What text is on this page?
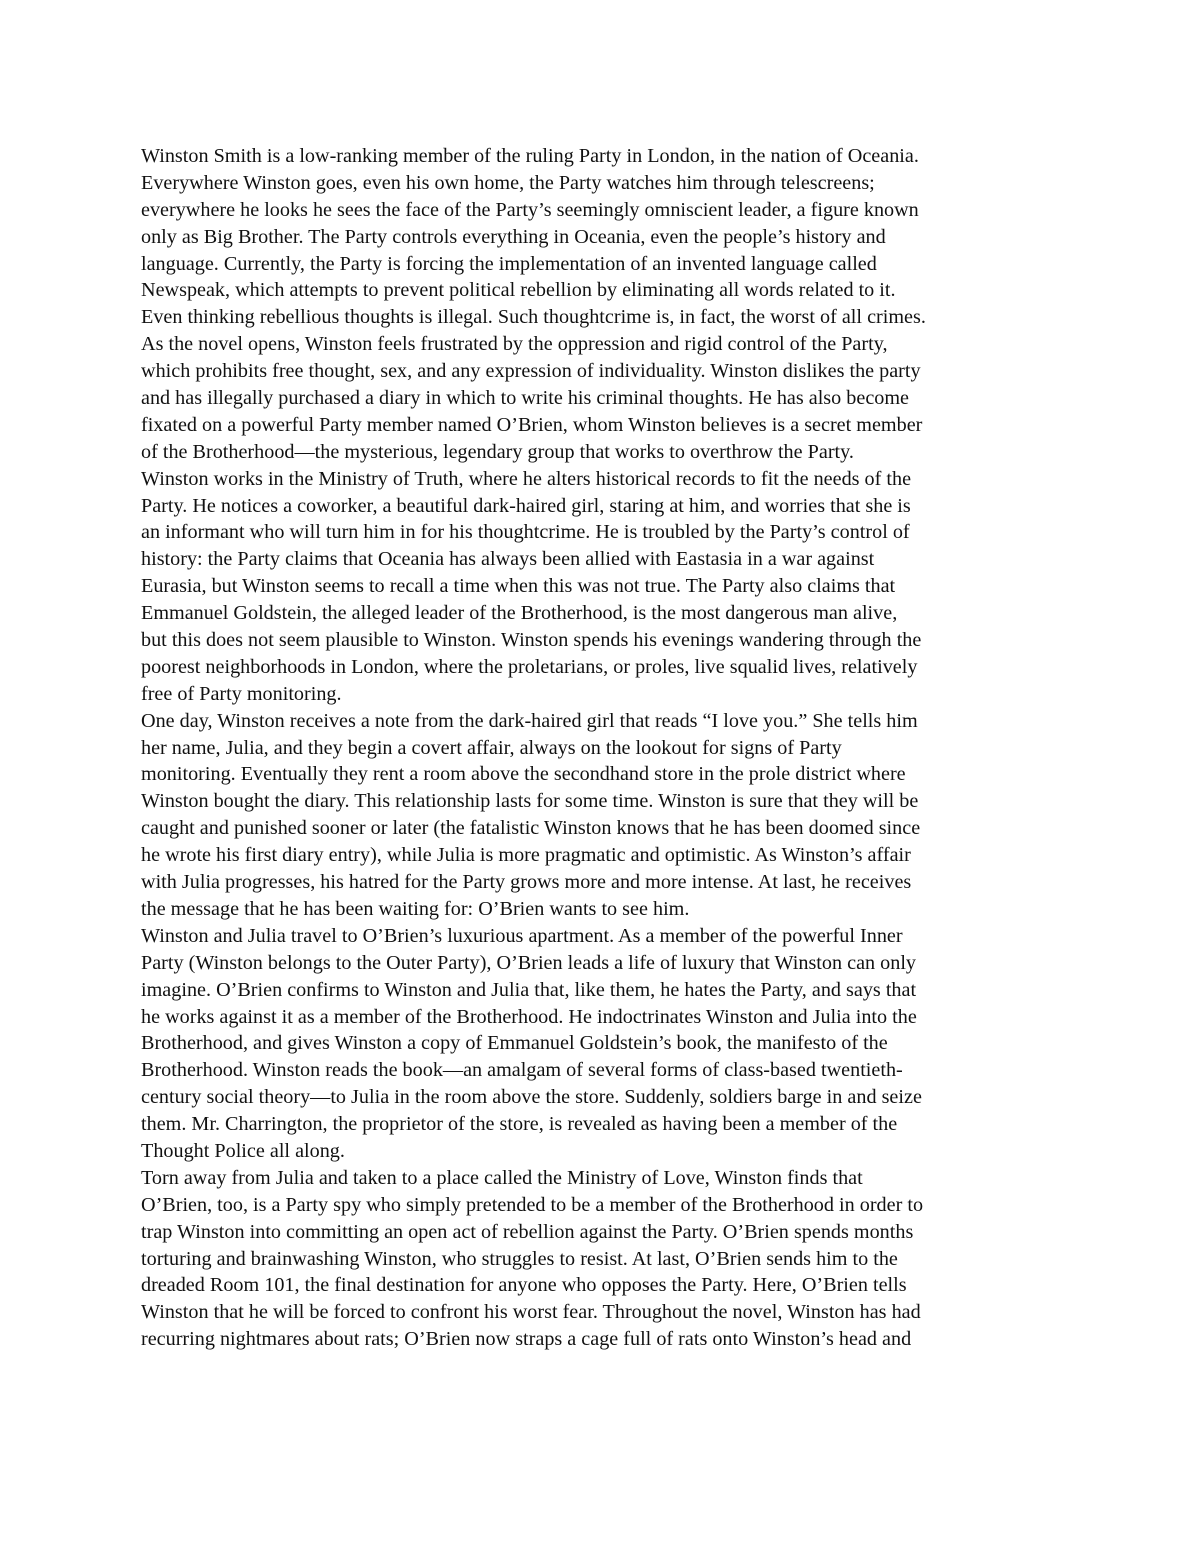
Winston Smith is a low-ranking member of the ruling Party in London, in the nation of Oceania.
Everywhere Winston goes, even his own home, the Party watches him through telescreens;
everywhere he looks he sees the face of the Party’s seemingly omniscient leader, a figure known
only as Big Brother. The Party controls everything in Oceania, even the people’s history and
language. Currently, the Party is forcing the implementation of an invented language called
Newspeak, which attempts to prevent political rebellion by eliminating all words related to it.
Even thinking rebellious thoughts is illegal. Such thoughtcrime is, in fact, the worst of all crimes.
As the novel opens, Winston feels frustrated by the oppression and rigid control of the Party,
which prohibits free thought, sex, and any expression of individuality. Winston dislikes the party
and has illegally purchased a diary in which to write his criminal thoughts. He has also become
fixated on a powerful Party member named O’Brien, whom Winston believes is a secret member
of the Brotherhood—the mysterious, legendary group that works to overthrow the Party.
Winston works in the Ministry of Truth, where he alters historical records to fit the needs of the
Party. He notices a coworker, a beautiful dark-haired girl, staring at him, and worries that she is
an informant who will turn him in for his thoughtcrime. He is troubled by the Party’s control of
history: the Party claims that Oceania has always been allied with Eastasia in a war against
Eurasia, but Winston seems to recall a time when this was not true. The Party also claims that
Emmanuel Goldstein, the alleged leader of the Brotherhood, is the most dangerous man alive,
but this does not seem plausible to Winston. Winston spends his evenings wandering through the
poorest neighborhoods in London, where the proletarians, or proles, live squalid lives, relatively
free of Party monitoring.
One day, Winston receives a note from the dark-haired girl that reads “I love you.” She tells him
her name, Julia, and they begin a covert affair, always on the lookout for signs of Party
monitoring. Eventually they rent a room above the secondhand store in the prole district where
Winston bought the diary. This relationship lasts for some time. Winston is sure that they will be
caught and punished sooner or later (the fatalistic Winston knows that he has been doomed since
he wrote his first diary entry), while Julia is more pragmatic and optimistic. As Winston’s affair
with Julia progresses, his hatred for the Party grows more and more intense. At last, he receives
the message that he has been waiting for: O’Brien wants to see him.
Winston and Julia travel to O’Brien’s luxurious apartment. As a member of the powerful Inner
Party (Winston belongs to the Outer Party), O’Brien leads a life of luxury that Winston can only
imagine. O’Brien confirms to Winston and Julia that, like them, he hates the Party, and says that
he works against it as a member of the Brotherhood. He indoctrinates Winston and Julia into the
Brotherhood, and gives Winston a copy of Emmanuel Goldstein’s book, the manifesto of the
Brotherhood. Winston reads the book—an amalgam of several forms of class-based twentieth-
century social theory—to Julia in the room above the store. Suddenly, soldiers barge in and seize
them. Mr. Charrington, the proprietor of the store, is revealed as having been a member of the
Thought Police all along.
Torn away from Julia and taken to a place called the Ministry of Love, Winston finds that
O’Brien, too, is a Party spy who simply pretended to be a member of the Brotherhood in order to
trap Winston into committing an open act of rebellion against the Party. O’Brien spends months
torturing and brainwashing Winston, who struggles to resist. At last, O’Brien sends him to the
dreaded Room 101, the final destination for anyone who opposes the Party. Here, O’Brien tells
Winston that he will be forced to confront his worst fear. Throughout the novel, Winston has had
recurring nightmares about rats; O’Brien now straps a cage full of rats onto Winston’s head and
